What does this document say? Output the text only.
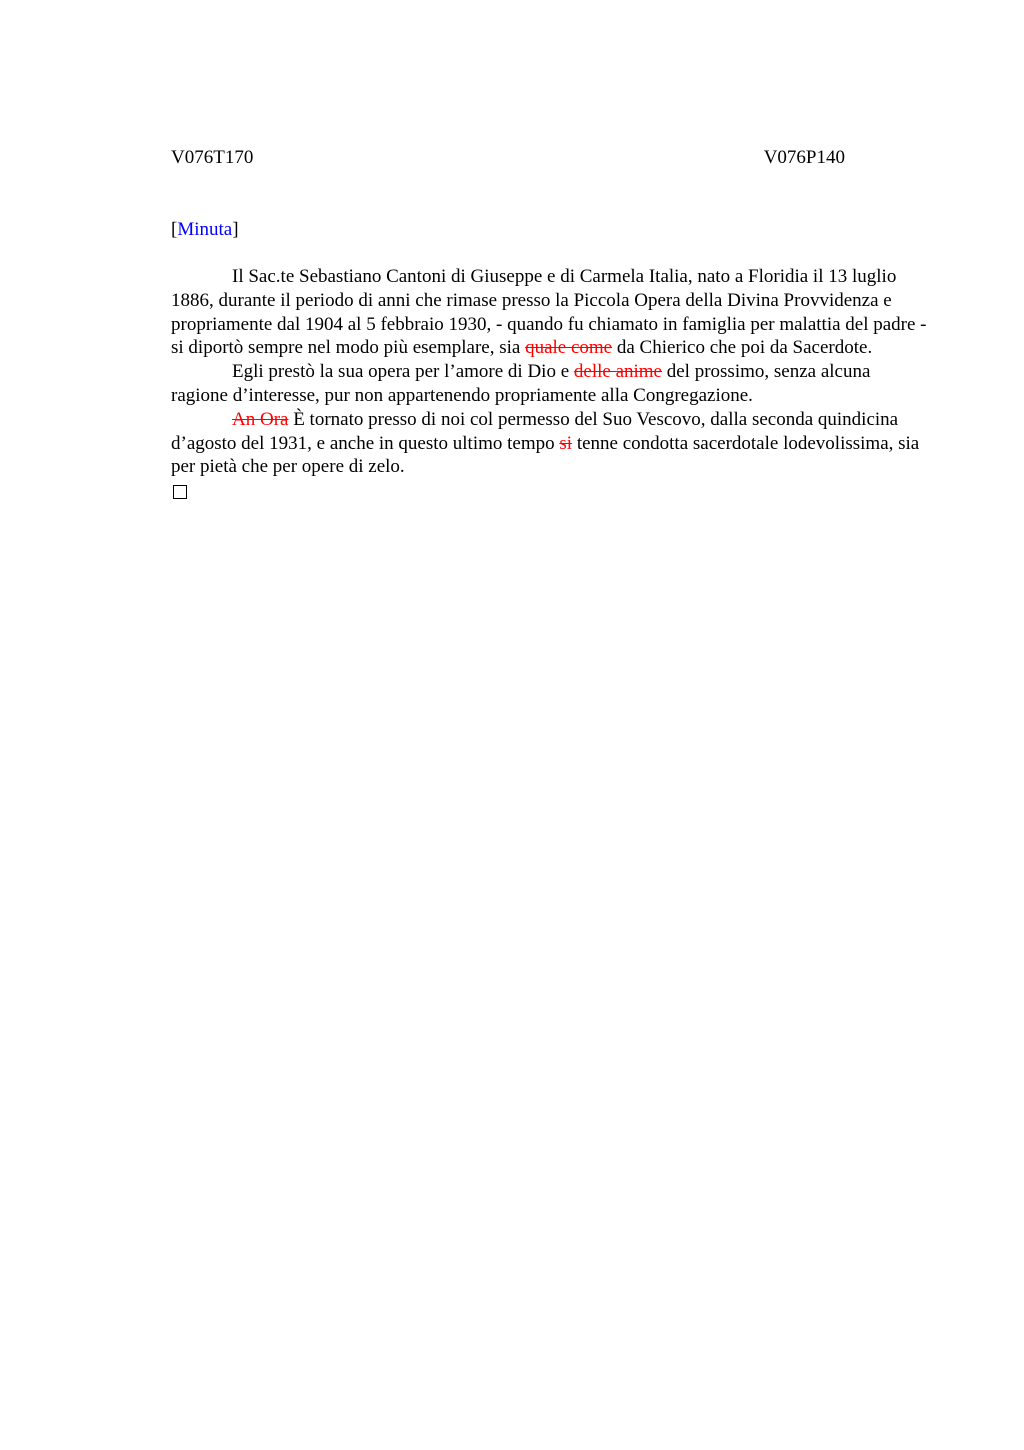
V076T170	V076P140
[Minuta]

Il Sac.te Sebastiano Cantoni di Giuseppe e di Carmela Italia, nato a Floridia il 13 luglio 1886, durante il periodo di anni che rimase presso la Piccola Opera della Divina Provvidenza e propriamente dal 1904 al 5 febbraio 1930, - quando fu chiamato in famiglia per malattia del padre - si diportò sempre nel modo più esemplare, sia quale come da Chierico che poi da Sacerdote.

Egli prestò la sua opera per l’amore di Dio e delle anime del prossimo, senza alcuna ragione d’interesse, pur non appartenendo propriamente alla Congregazione.

An Ora È tornato presso di noi col permesso del Suo Vescovo, dalla seconda quindicina d’agosto del 1931, e anche in questo ultimo tempo si tenne condotta sacerdotale lodevolissima, sia per pietà che per opere di zelo.
